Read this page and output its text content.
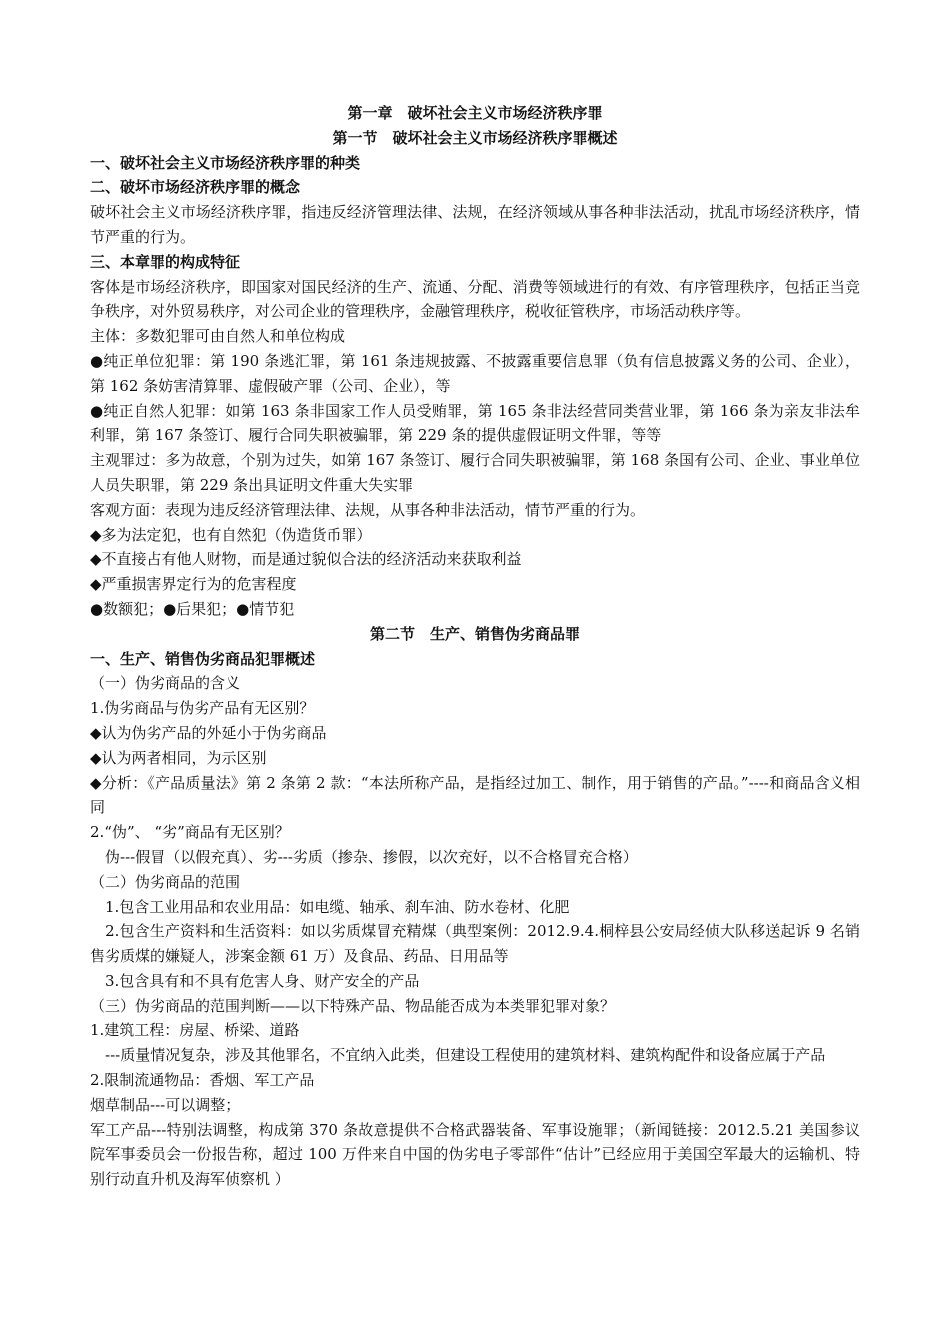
第一章　破坏社会主义市场经济秩序罪
第一节　破坏社会主义市场经济秩序罪概述
一、破坏社会主义市场经济秩序罪的种类
二、破坏市场经济秩序罪的概念
破坏社会主义市场经济秩序罪，指违反经济管理法律、法规，在经济领域从事各种非法活动，扰乱市场经济秩序，情节严重的行为。
三、本章罪的构成特征
客体是市场经济秩序，即国家对国民经济的生产、流通、分配、消费等领域进行的有效、有序管理秩序，包括正当竞争秩序，对外贸易秩序，对公司企业的管理秩序，金融管理秩序，税收征管秩序，市场活动秩序等。
主体：多数犯罪可由自然人和单位构成
●纯正单位犯罪：第 190 条逃汇罪，第 161 条违规披露、不披露重要信息罪（负有信息披露义务的公司、企业），第 162 条妨害清算罪、虚假破产罪（公司、企业），等
●纯正自然人犯罪：如第 163 条非国家工作人员受贿罪，第 165 条非法经营同类营业罪，第 166 条为亲友非法牟利罪，第 167 条签订、履行合同失职被骗罪，第 229 条的提供虚假证明文件罪，等等
主观罪过：多为故意，个别为过失，如第 167 条签订、履行合同失职被骗罪，第 168 条国有公司、企业、事业单位人员失职罪，第 229 条出具证明文件重大失实罪
客观方面：表现为违反经济管理法律、法规，从事各种非法活动，情节严重的行为。
◆多为法定犯，也有自然犯（伪造货币罪）
◆不直接占有他人财物，而是通过貌似合法的经济活动来获取利益
◆严重损害界定行为的危害程度
●数额犯；●后果犯；●情节犯
第二节　生产、销售伪劣商品罪
一、生产、销售伪劣商品犯罪概述
（一）伪劣商品的含义
1.伪劣商品与伪劣产品有无区别？
◆认为伪劣产品的外延小于伪劣商品
◆认为两者相同，为示区别
◆分析：《产品质量法》第 2 条第 2 款：“本法所称产品，是指经过加工、制作，用于销售的产品。”----和商品含义相同
2.“伪”、 “劣”商品有无区别？
　伪---假冒（以假充真）、劣---劣质（掺杂、掺假，以次充好，以不合格冒充合格）
（二）伪劣商品的范围
　1.包含工业用品和农业用品：如电缆、轴承、刹车油、防水卷材、化肥
　2.包含生产资料和生活资料：如以劣质煤冒充精煤（典型案例：2012.9.4.桐梓县公安局经侦大队移送起诉 9 名销售劣质煤的嫌疑人，涉案金额 61 万）及食品、药品、日用品等
　3.包含具有和不具有危害人身、财产安全的产品
（三）伪劣商品的范围判断——以下特殊产品、物品能否成为本类罪犯罪对象？
1.建筑工程：房屋、桥梁、道路
　---质量情况复杂，涉及其他罪名，不宜纳入此类，但建设工程使用的建筑材料、建筑构配件和设备应属于产品
2.限制流通物品：香烟、军工产品
烟草制品---可以调整；
军工产品---特别法调整，构成第 370 条故意提供不合格武器装备、军事设施罪；（新闻链接：2012.5.21 美国参议院军事委员会一份报告称，超过 100 万件来自中国的伪劣电子零部件“估计”已经应用于美国空军最大的运输机、特别行动直升机及海军侦察机 ）
